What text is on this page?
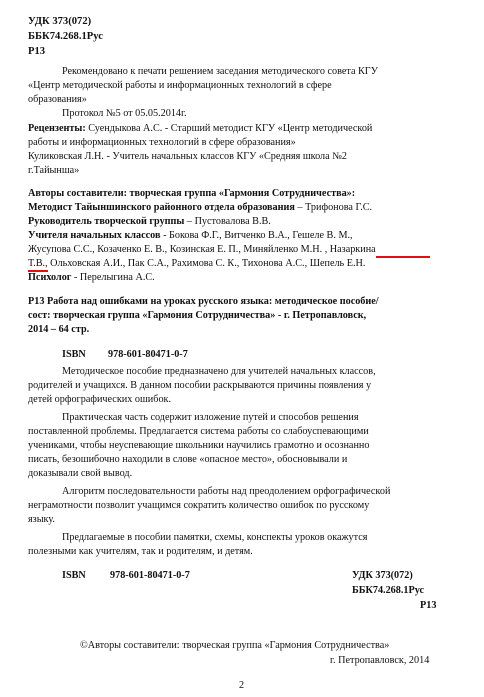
УДК 373(072)
ББК74.268.1Рус
Р13
Рекомендовано к печати решением заседания методического совета КГУ
«Центр методической работы и информационных технологий в сфере
образования»
Протокол №5 от 05.05.2014г.
Рецензенты: Суендыкова А.С. - Старший методист КГУ «Центр методической
работы и информационных технологий в сфере образования»
Куликовская Л.Н. - Учитель начальных классов КГУ «Средняя школа №2
г.Тайынша»
Авторы составители: творческая группа «Гармония Сотрудничества»:
Методист Тайыншинского районного отдела образования – Трифонова Г.С.
Руководитель творческой группы – Пустовалова В.В.
Учителя начальных классов - Бокова Ф.Г., Витченко В.А., Гешеле В. М.,
Жусупова С.С., Козаченко Е. В., Козинская Е. П., Миняйленко М.Н. , Назаркина
Т.В., Ольховская А.И., Пак С.А., Рахимова С. К., Тихонова А.С., Шепель Е.Н.
Психолог - Перелыгина А.С.
Р13 Работа над ошибками на уроках русского языка: методическое пособие/
сост: творческая группа «Гармония Сотрудничества» - г. Петропавловск,
2014 – 64 стр.
ISBN 978-601-80471-0-7
Методическое пособие предназначено для учителей начальных классов,
родителей и учащихся. В данном пособии раскрываются причины появления у
детей орфографических ошибок.
Практическая часть содержит изложение путей и способов решения
поставленной проблемы. Предлагается система работы со слабоуспевающими
учениками, чтобы неуспевающие школьники научились грамотно и осознанно
писать, безошибочно находили в слове «опасное место», обосновывали и
доказывали свой вывод.
Алгоритм последовательности работы над преодолением орфографической
неграмотности позволит учащимся сократить количество ошибок по русскому
языку.
Предлагаемые в пособии памятки, схемы, конспекты уроков окажутся
полезными как учителям, так и родителям, и детям.
ISBN 978-601-80471-0-7	УДК 373(072)
ББК74.268.1Рус
Р13
©Авторы составители: творческая группа «Гармония Сотрудничества»
г. Петропавловск, 2014
2
